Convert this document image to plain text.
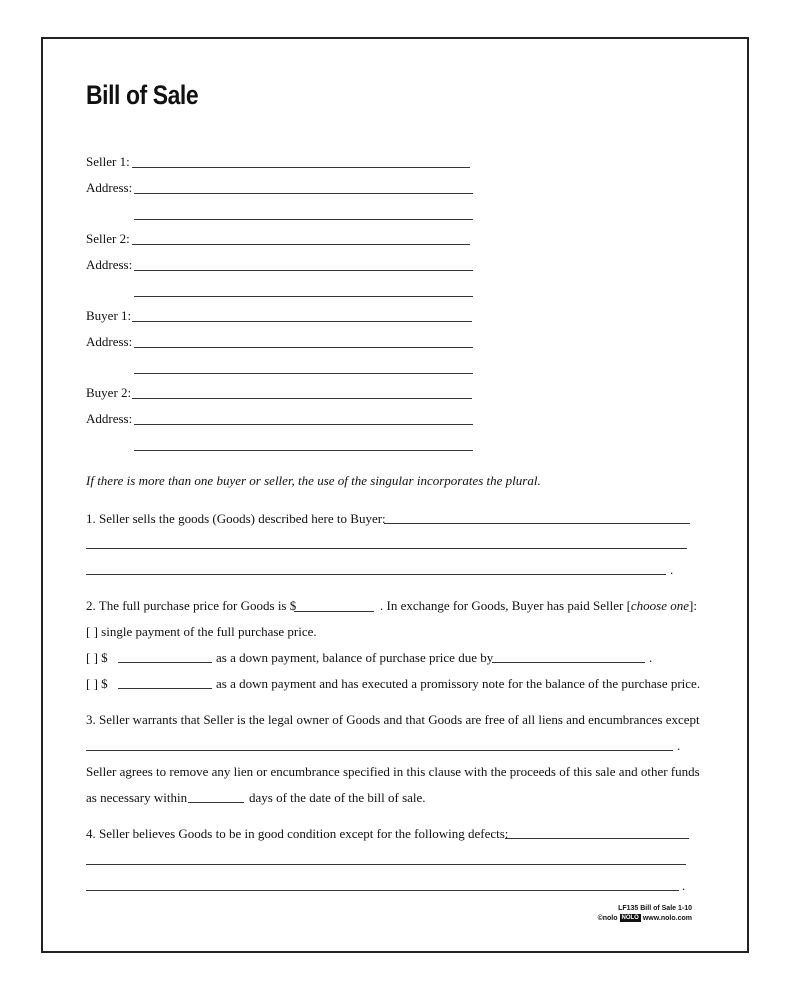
Bill of Sale
Seller 1:
Address:
Seller 2:
Address:
Buyer 1:
Address:
Buyer 2:
Address:
If there is more than one buyer or seller, the use of the singular incorporates the plural.
1. Seller sells the goods (Goods) described here to Buyer:
.
2. The full purchase price for Goods is $	. In exchange for Goods, Buyer has paid Seller [choose one]:
[ ] single payment of the full purchase price.
[ ] $	as a down payment, balance of purchase price due by	.
[ ] $	as a down payment and has executed a promissory note for the balance of the purchase price.
3. Seller warrants that Seller is the legal owner of Goods and that Goods are free of all liens and encumbrances except
.
Seller agrees to remove any lien or encumbrance specified in this clause with the proceeds of this sale and other funds
as necessary within	days of the date of the bill of sale.
4. Seller believes Goods to be in good condition except for the following defects:
.
LF135 Bill of Sale 1-10
©nolo NOLO www.nolo.com
